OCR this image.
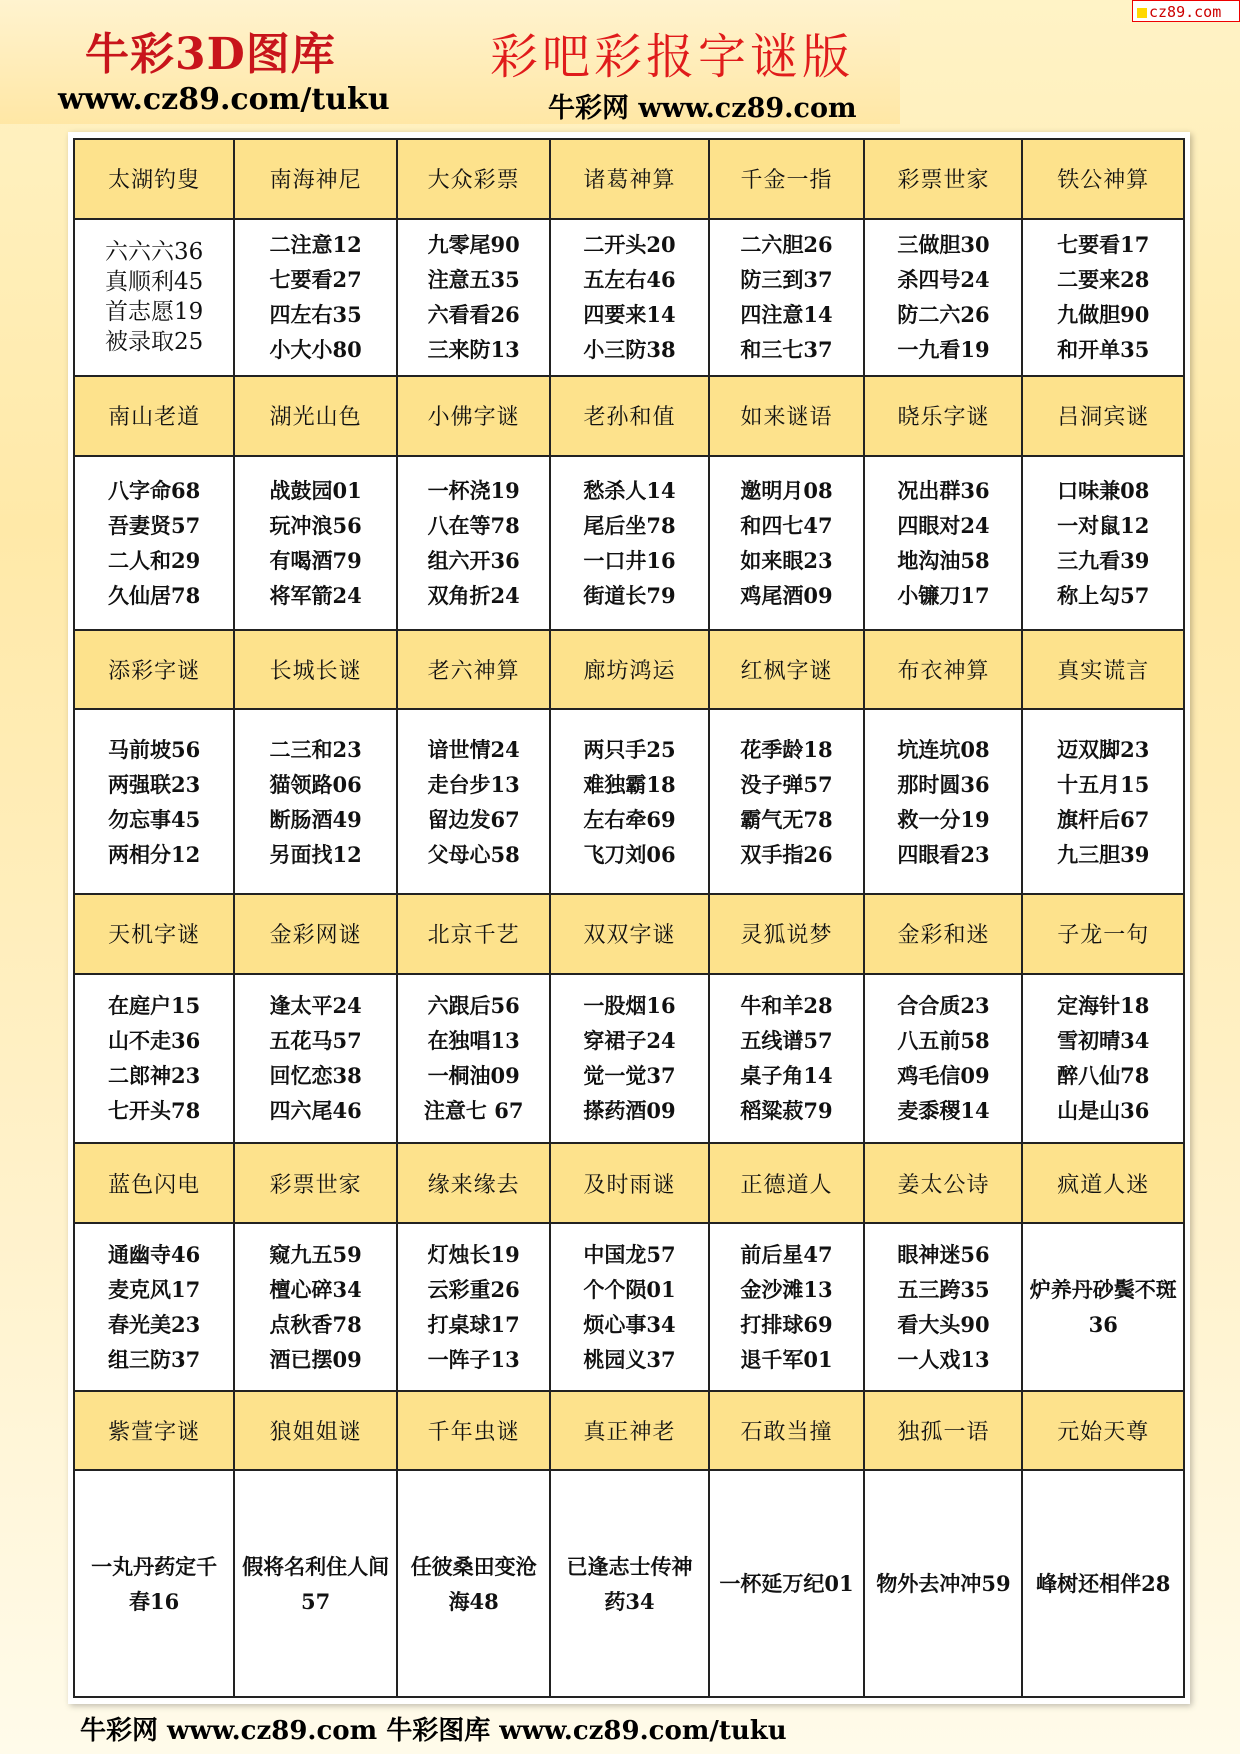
牛彩3D图库
www.cz89.com/tuku
彩吧彩报字谜版
牛彩网 www.cz89.com
cz89.com
太湖钓叟	南海神尼	大众彩票	诸葛神算	千金一指	彩票世家	铁公神算

六六六36
真顺利45
首志愿19
被录取25	二注意12
七要看27
四左右35
小大小80	九零尾90
注意五35
六看看26
三来防13	二开头20
五左右46
四要来14
小三防38	二六胆26
防三到37
四注意14
和三七37	三做胆30
杀四号24
防二六26
一九看19	七要看17
二要来28
九做胆90
和开单35

南山老道	湖光山色	小佛字谜	老孙和值	如来谜语	晓乐字谜	吕洞宾谜

八字命68
吾妻贤57
二人和29
久仙居78	战鼓园01
玩冲浪56
有喝酒79
将军箭24	一杯浇19
八在等78
组六开36
双角折24	愁杀人14
尾后坐78
一口井16
街道长79	邀明月08
和四七47
如来眼23
鸡尾酒09	况出群36
四眼对24
地沟油58
小镰刀17	口味兼08
一对鼠12
三九看39
称上勾57

添彩字谜	长城长谜	老六神算	廊坊鸿运	红枫字谜	布衣神算	真实谎言

马前坡56
两强联23
勿忘事45
两相分12	二三和23
猫领路06
断肠酒49
另面找12	谙世情24
走台步13
留边发67
父母心58	两只手25
难独霸18
左右牵69
飞刀刘06	花季龄18
没子弹57
霸气无78
双手指26	坑连坑08
那时圆36
救一分19
四眼看23	迈双脚23
十五月15
旗杆后67
九三胆39

天机字谜	金彩网谜	北京千艺	双双字谜	灵狐说梦	金彩和迷	子龙一句

在庭户15
山不走36
二郎神23
七开头78	逢太平24
五花马57
回忆恋38
四六尾46	六跟后56
在独唱13
一桐油09
注意七 67	一股烟16
穿裙子24
觉一觉37
搽药酒09	牛和羊28
五线谱57
桌子角14
稻粱菽79	合合质23
八五前58
鸡毛信09
麦黍稷14	定海针18
雪初晴34
醉八仙78
山是山36

蓝色闪电	彩票世家	缘来缘去	及时雨谜	正德道人	姜太公诗	疯道人迷

通幽寺46
麦克风17
春光美23
组三防37	窥九五59
檀心碎34
点秋香78
酒已摆09	灯烛长19
云彩重26
打桌球17
一阵子13	中国龙57
个个陨01
烦心事34
桃园义37	前后星47
金沙滩13
打排球69
退千军01	眼神迷56
五三跨35
看大头90
一人戏13	炉养丹砂鬓不斑36

紫萱字谜	狼姐姐谜	千年虫谜	真正神老	石敢当撞	独孤一语	元始天尊

一丸丹药定千春16	假将名利住人间57	任彼桑田变沧海48	已逢志士传神药34	一杯延万纪01	物外去冲冲59	峰树还相伴28
牛彩网 www.cz89.com 牛彩图库 www.cz89.com/tuku
